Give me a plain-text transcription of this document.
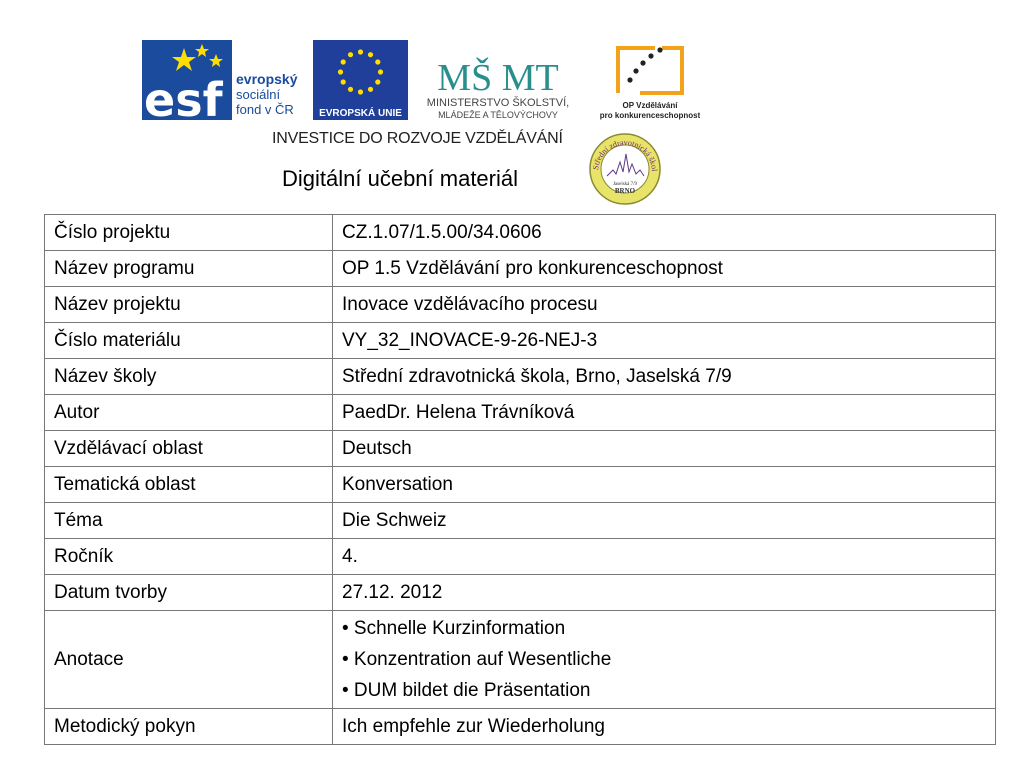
esf evropský
sociální
fond v ČR	EVROPSKÁ UNIE
MŠ MT
MINISTERSTVO ŠKOLSTVÍ,
MLÁDEŽE A TĚLOVÝCHOVY
OP Vzdělávání
pro konkurenceschopnost
INVESTICE DO ROZVOJE VZDĚLÁVÁNÍ
Digitální učební materiál	Střední zdravotnická škol
Jaselská 7/9
BRNO
Číslo projektu	CZ.1.07/1.5.00/34.0606
Název programu	OP 1.5 Vzdělávání pro konkurenceschopnost
Název projektu	Inovace vzdělávacího procesu
Číslo materiálu	VY_32_INOVACE-9-26-NEJ-3
Název školy	Střední zdravotnická škola, Brno, Jaselská 7/9
Autor	PaedDr. Helena Trávníková
Vzdělávací oblast	Deutsch
Tematická oblast	Konversation
Téma	Die Schweiz
Ročník	4.
Datum tvorby	27.12. 2012
Anotace	• Schnelle Kurzinformation
• Konzentration auf Wesentliche
• DUM bildet die Präsentation

Metodický pokyn	Ich empfehle zur Wiederholung
